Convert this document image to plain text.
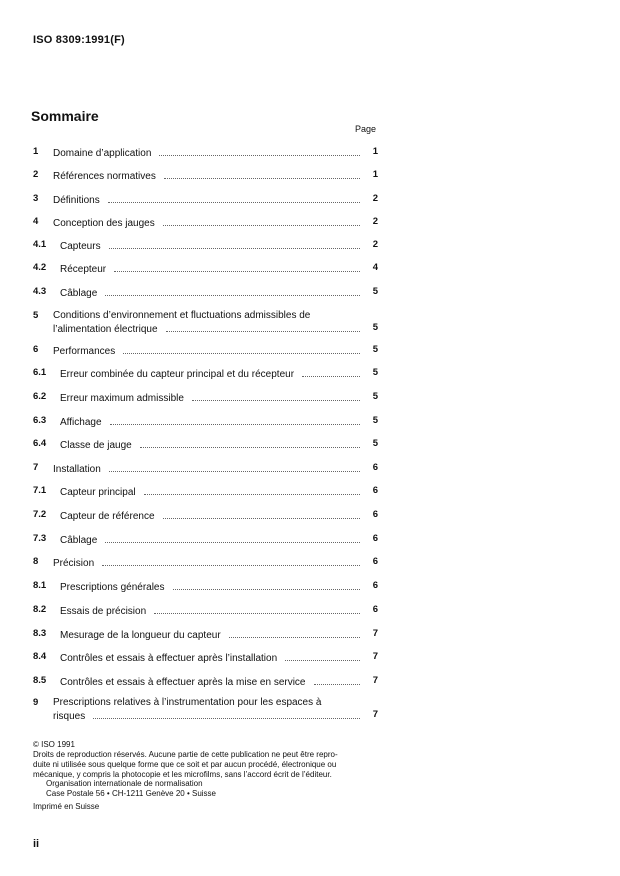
ISO 8309:1991(F)
Sommaire
Page
1 Domaine d’application	1
2 Références normatives	1
3 Définitions	2
4 Conception des jauges	2
4.1 Capteurs	2
4.2 Récepteur	4
4.3 Câblage	5
5 Conditions d’environnement et fluctuations admissibles de
l’alimentation électrique	5
6 Performances	5
6.1 Erreur combinée du capteur principal et du récepteur	5
6.2 Erreur maximum admissible	5
6.3 Affichage	5
6.4 Classe de jauge	5
7 Installation	6
7.1 Capteur principal	6
7.2 Capteur de référence	6
7.3 Câblage	6
8 Précision	6
8.1 Prescriptions générales	6
8.2 Essais de précision	6
8.3 Mesurage de la longueur du capteur	7
8.4 Contrôles et essais à effectuer après l’installation	7
8.5 Contrôles et essais à effectuer après la mise en service	7
9 Prescriptions relatives à l’instrumentation pour les espaces à
risques	7
© ISO 1991
Droits de reproduction réservés. Aucune partie de cette publication ne peut être repro-
duite ni utilisée sous quelque forme que ce soit et par aucun procédé, électronique ou
mécanique, y compris la photocopie et les microfilms, sans l’accord écrit de l’éditeur.
Organisation internationale de normalisation
Case Postale 56 • CH-1211 Genève 20 • Suisse
Imprimé en Suisse
ii
